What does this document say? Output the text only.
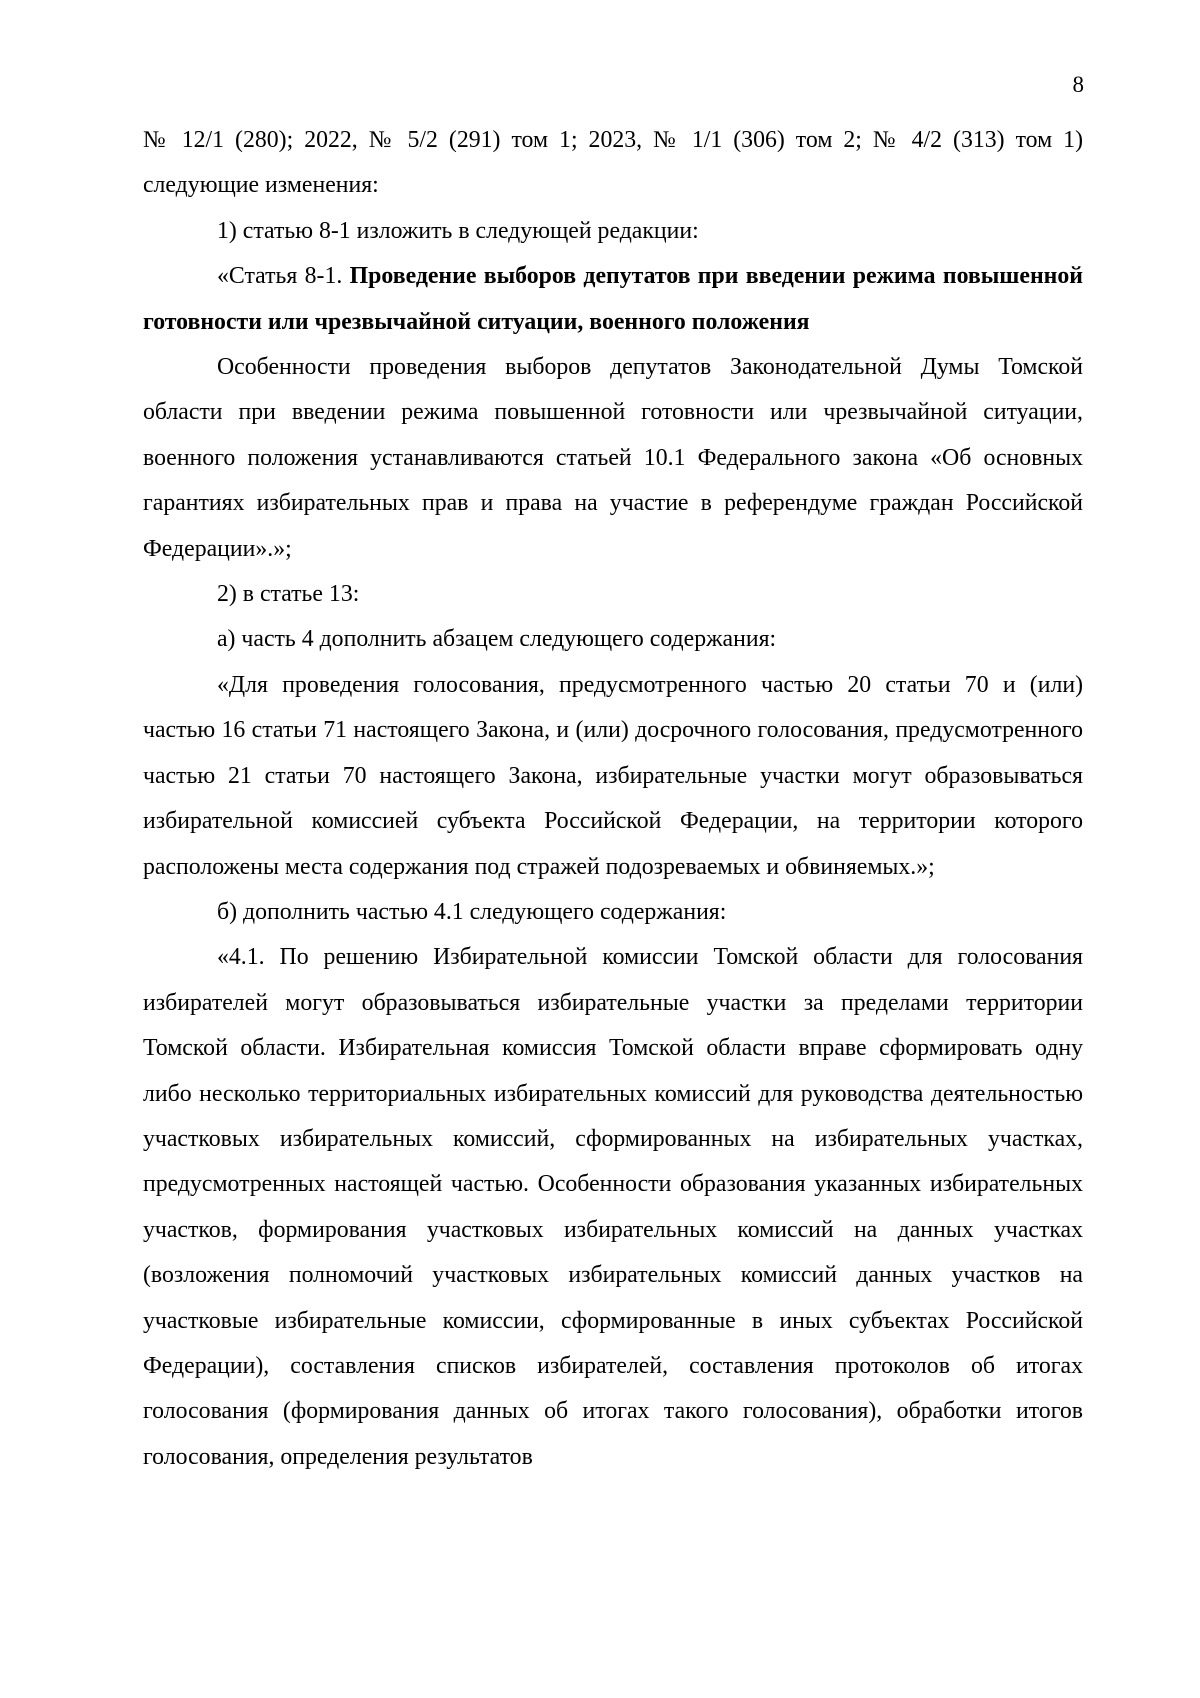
8

№ 12/1 (280); 2022, № 5/2 (291) том 1; 2023, № 1/1 (306) том 2; № 4/2 (313) том 1) следующие изменения:

1) статью 8-1 изложить в следующей редакции:

«Статья 8-1. Проведение выборов депутатов при введении режима повышенной готовности или чрезвычайной ситуации, военного положения

Особенности проведения выборов депутатов Законодательной Думы Томской области при введении режима повышенной готовности или чрезвычайной ситуации, военного положения устанавливаются статьей 10.1 Федерального закона «Об основных гарантиях избирательных прав и права на участие в референдуме граждан Российской Федерации».»;

2) в статье 13:

а) часть 4 дополнить абзацем следующего содержания:

«Для проведения голосования, предусмотренного частью 20 статьи 70 и (или) частью 16 статьи 71 настоящего Закона, и (или) досрочного голосования, предусмотренного частью 21 статьи 70 настоящего Закона, избирательные участки могут образовываться избирательной комиссией субъекта Российской Федерации, на территории которого расположены места содержания под стражей подозреваемых и обвиняемых.»;

б) дополнить частью 4.1 следующего содержания:

«4.1. По решению Избирательной комиссии Томской области для голосования избирателей могут образовываться избирательные участки за пределами территории Томской области. Избирательная комиссия Томской области вправе сформировать одну либо несколько территориальных избирательных комиссий для руководства деятельностью участковых избирательных комиссий, сформированных на избирательных участках, предусмотренных настоящей частью. Особенности образования указанных избирательных участков, формирования участковых избирательных комиссий на данных участках (возложения полномочий участковых избирательных комиссий данных участков на участковые избирательные комиссии, сформированные в иных субъектах Российской Федерации), составления списков избирателей, составления протоколов об итогах голосования (формирования данных об итогах такого голосования), обработки итогов голосования, определения результатов
